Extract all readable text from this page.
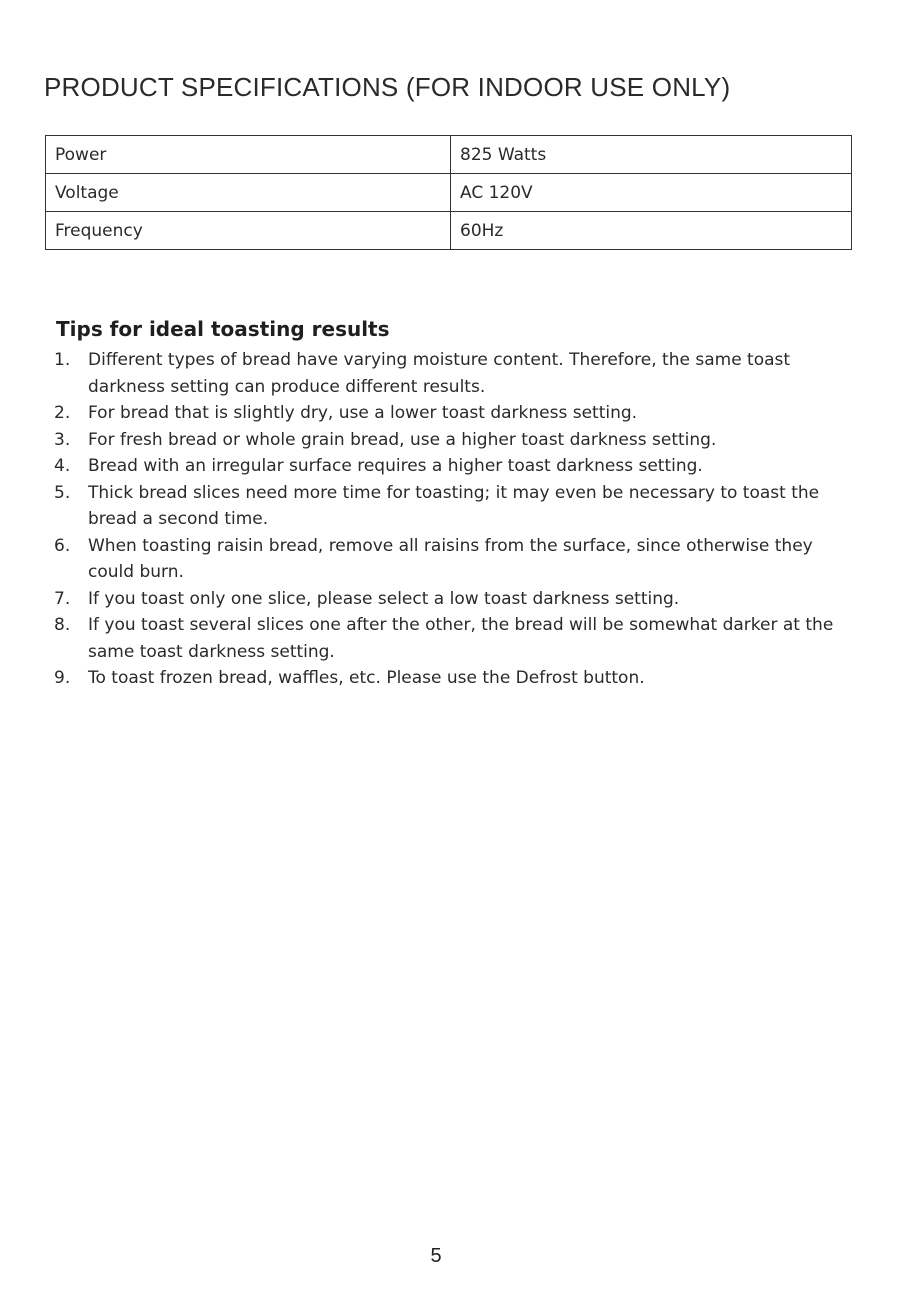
PRODUCT SPECIFICATIONS (FOR INDOOR USE ONLY)
Power	825 Watts
Voltage	AC 120V
Frequency	60Hz
Tips for ideal toasting results
1.	Different types of bread have varying moisture content. Therefore, the same toast darkness setting can produce different results.
2.	For bread that is slightly dry, use a lower toast darkness setting.
3.	For fresh bread or whole grain bread, use a higher toast darkness setting.
4.	Bread with an irregular surface requires a higher toast darkness setting.
5.	Thick bread slices need more time for toasting; it may even be necessary to toast the bread a second time.
6.	When toasting raisin bread, remove all raisins from the surface, since otherwise they could burn.
7.	If you toast only one slice, please select a low toast darkness setting.
8.	If you toast several slices one after the other, the bread will be somewhat darker at the same toast darkness setting.
9.	To toast frozen bread, waffles, etc. Please use the Defrost button.
5
